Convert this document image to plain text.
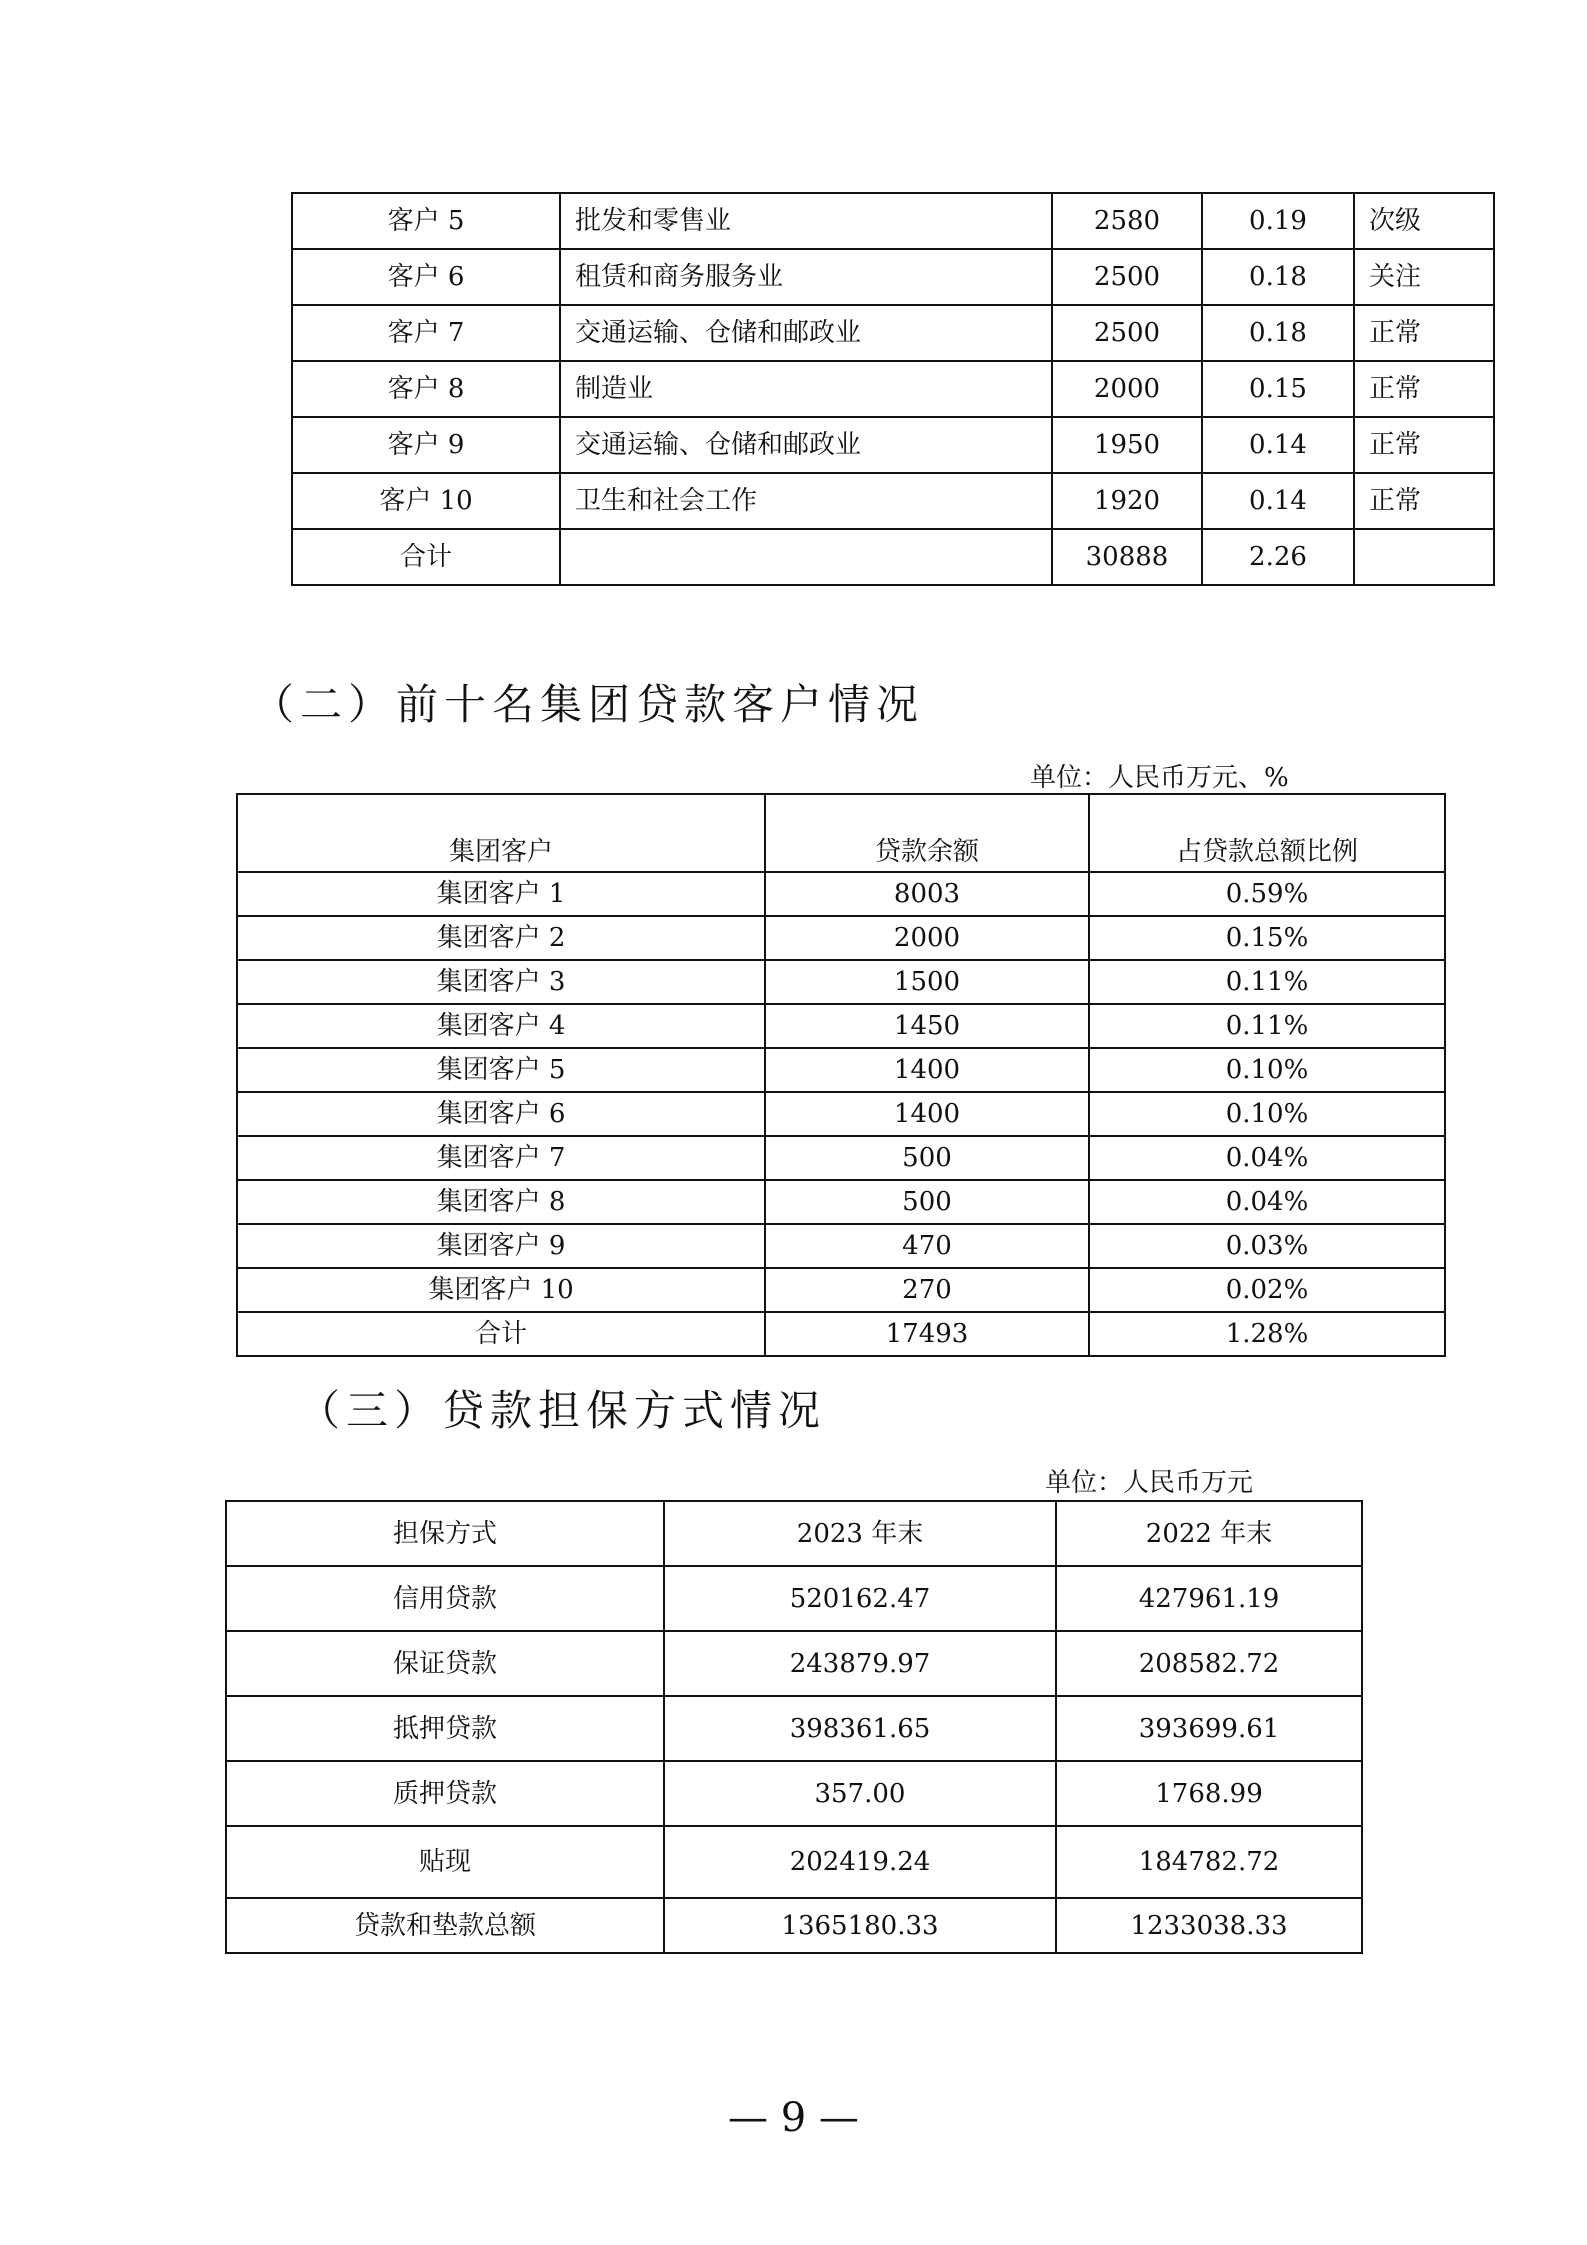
客户 5	批发和零售业	2580	0.19	次级
客户 6	租赁和商务服务业	2500	0.18	关注
客户 7	交通运输、仓储和邮政业	2500	0.18	正常
客户 8	制造业	2000	0.15	正常
客户 9	交通运输、仓储和邮政业	1950	0.14	正常
客户 10	卫生和社会工作	1920	0.14	正常
合计		30888	2.26	
（二）前十名集团贷款客户情况
单位：人民币万元、%
集团客户	贷款余额	占贷款总额比例
集团客户 1	8003	0.59%
集团客户 2	2000	0.15%
集团客户 3	1500	0.11%
集团客户 4	1450	0.11%
集团客户 5	1400	0.10%
集团客户 6	1400	0.10%
集团客户 7	500	0.04%
集团客户 8	500	0.04%
集团客户 9	470	0.03%
集团客户 10	270	0.02%
合计	17493	1.28%
（三）贷款担保方式情况
单位：人民币万元
担保方式	2023 年末	2022 年末
信用贷款	520162.47	427961.19
保证贷款	243879.97	208582.72
抵押贷款	398361.65	393699.61
质押贷款	357.00	1768.99
贴现	202419.24	184782.72
贷款和垫款总额	1365180.33	1233038.33
— 9 —
